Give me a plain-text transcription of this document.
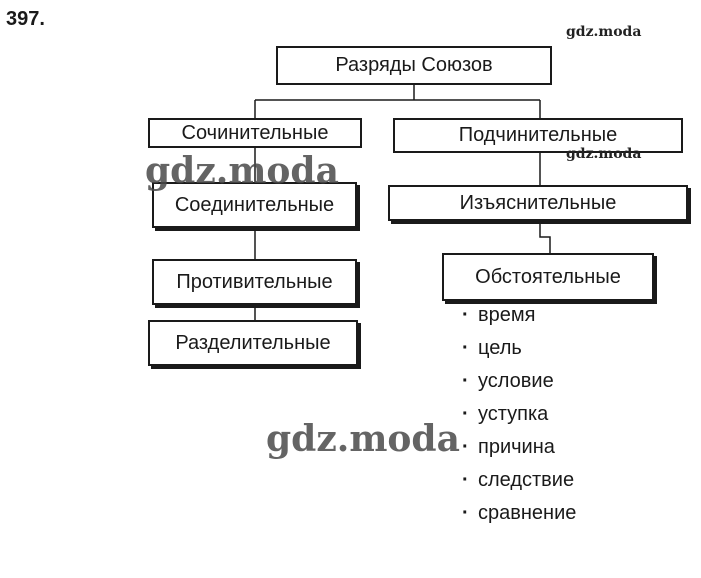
397.
Разряды Союзов
Сочинительные	Подчинительные
Соединительные
Противительные
Разделительные
Изъяснительные
Обстоятельные
· время
· цель
· условие
· уступка
· причина
· следствие
· сравнение
gdz.moda
gdz.moda
gdz.moda
gdz.moda
